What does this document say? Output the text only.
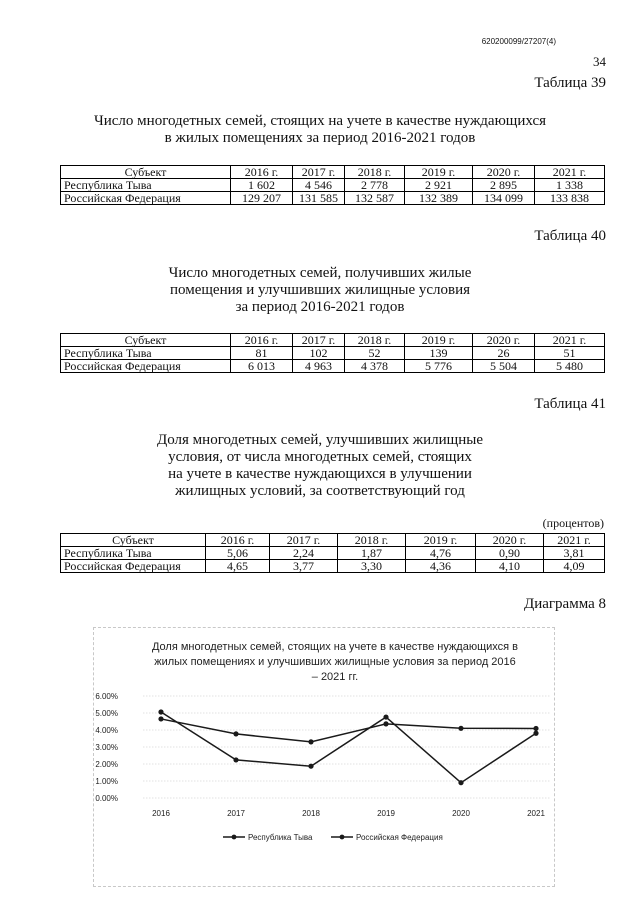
620200099/27207(4)
34
Таблица 39
Число многодетных семей, стоящих на учете в качестве нуждающихся
в жилых помещениях за период 2016-2021 годов
Субъект	2016 г.	2017 г.	2018 г.	2019 г.	2020 г.	2021 г.
Республика Тыва	1 602	4 546	2 778	2 921	2 895	1 338
Российская Федерация	129 207	131 585	132 587	132 389	134 099	133 838
Таблица 40
Число многодетных семей, получивших жилые
помещения и улучшивших жилищные условия
за период 2016-2021 годов
Субъект	2016 г.	2017 г.	2018 г.	2019 г.	2020 г.	2021 г.
Республика Тыва	81	102	52	139	26	51
Российская Федерация	6 013	4 963	4 378	5 776	5 504	5 480
Таблица 41
Доля многодетных семей, улучшивших жилищные
условия, от числа многодетных семей, стоящих
на учете в качестве нуждающихся в улучшении
жилищных условий, за соответствующий год
(процентов)
Субъект	2016 г.	2017 г.	2018 г.	2019 г.	2020 г.	2021 г.
Республика Тыва	5,06	2,24	1,87	4,76	0,90	3,81
Российская Федерация	4,65	3,77	3,30	4,36	4,10	4,09
Диаграмма 8
Доля многодетных семей, стоящих на учете в качестве нуждающихся в
жилых помещениях и улучшивших жилищные условия за период 2016
– 2021 гг.
0.00%
1.00%
2.00%
3.00%
4.00%
5.00%
6.00%
2016	2017	2018	2019	2020	2021
Республика Тыва	Российская Федерация
